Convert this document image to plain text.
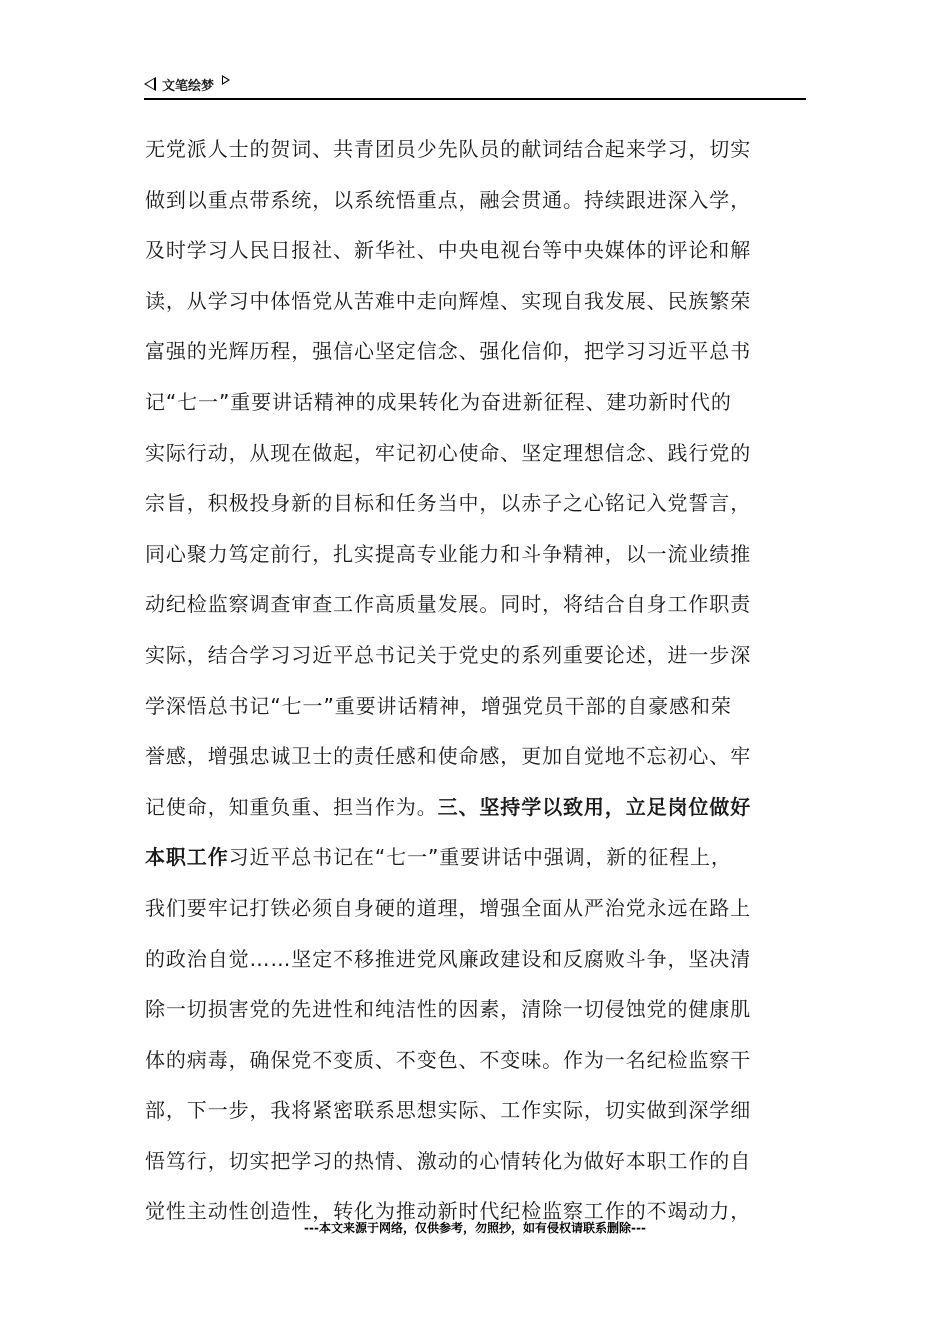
文笔绘梦
无党派人士的贺词、共青团员少先队员的献词结合起来学习，切实
做到以重点带系统，以系统悟重点，融会贯通。持续跟进深入学，
及时学习人民日报社、新华社、中央电视台等中央媒体的评论和解
读，从学习中体悟党从苦难中走向辉煌、实现自我发展、民族繁荣
富强的光辉历程，强信心坚定信念、强化信仰，把学习习近平总书
记“七一”重要讲话精神的成果转化为奋进新征程、建功新时代的
实际行动，从现在做起，牢记初心使命、坚定理想信念、践行党的
宗旨，积极投身新的目标和任务当中，以赤子之心铭记入党誓言，
同心聚力笃定前行，扎实提高专业能力和斗争精神，以一流业绩推
动纪检监察调查审查工作高质量发展。同时，将结合自身工作职责
实际，结合学习习近平总书记关于党史的系列重要论述，进一步深
学深悟总书记“七一”重要讲话精神，增强党员干部的自豪感和荣
誉感，增强忠诚卫士的责任感和使命感，更加自觉地不忘初心、牢
记使命，知重负重、担当作为。三、坚持学以致用，立足岗位做好
本职工作习近平总书记在“七一”重要讲话中强调，新的征程上，
我们要牢记打铁必须自身硬的道理，增强全面从严治党永远在路上
的政治自觉……坚定不移推进党风廉政建设和反腐败斗争，坚决清
除一切损害党的先进性和纯洁性的因素，清除一切侵蚀党的健康肌
体的病毒，确保党不变质、不变色、不变味。作为一名纪检监察干
部，下一步，我将紧密联系思想实际、工作实际，切实做到深学细
悟笃行，切实把学习的热情、激动的心情转化为做好本职工作的自
觉性主动性创造性，转化为推动新时代纪检监察工作的不竭动力，
---本文来源于网络，仅供参考，勿照抄，如有侵权请联系删除---
